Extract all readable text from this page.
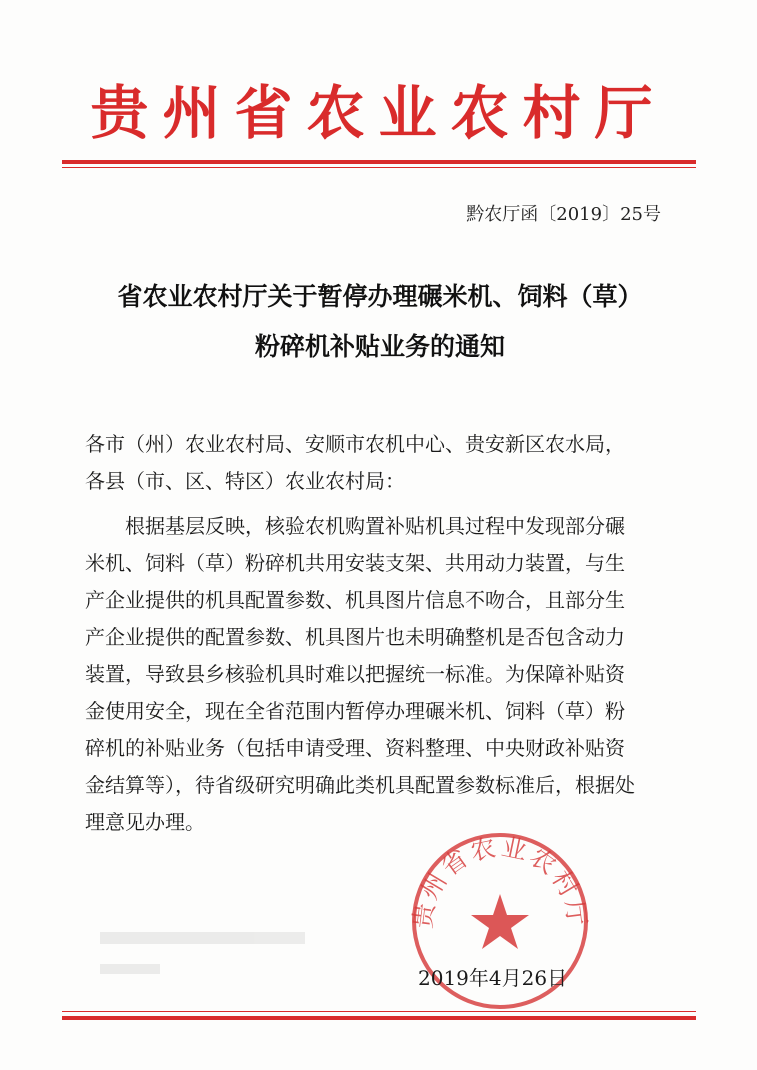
贵州省农业农村厅
黔农厅函〔2019〕25号
省农业农村厅关于暂停办理碾米机、饲料（草）
粉碎机补贴业务的通知
各市（州）农业农村局、安顺市农机中心、贵安新区农水局，
各县（市、区、特区）农业农村局：
根据基层反映，核验农机购置补贴机具过程中发现部分碾
米机、饲料（草）粉碎机共用安装支架、共用动力装置，与生
产企业提供的机具配置参数、机具图片信息不吻合，且部分生
产企业提供的配置参数、机具图片也未明确整机是否包含动力
装置，导致县乡核验机具时难以把握统一标准。为保障补贴资
金使用安全，现在全省范围内暂停办理碾米机、饲料（草）粉
碎机的补贴业务（包括申请受理、资料整理、中央财政补贴资
金结算等），待省级研究明确此类机具配置参数标准后，根据处
理意见办理。
贵州省农业农村厅
2019年4月26日
